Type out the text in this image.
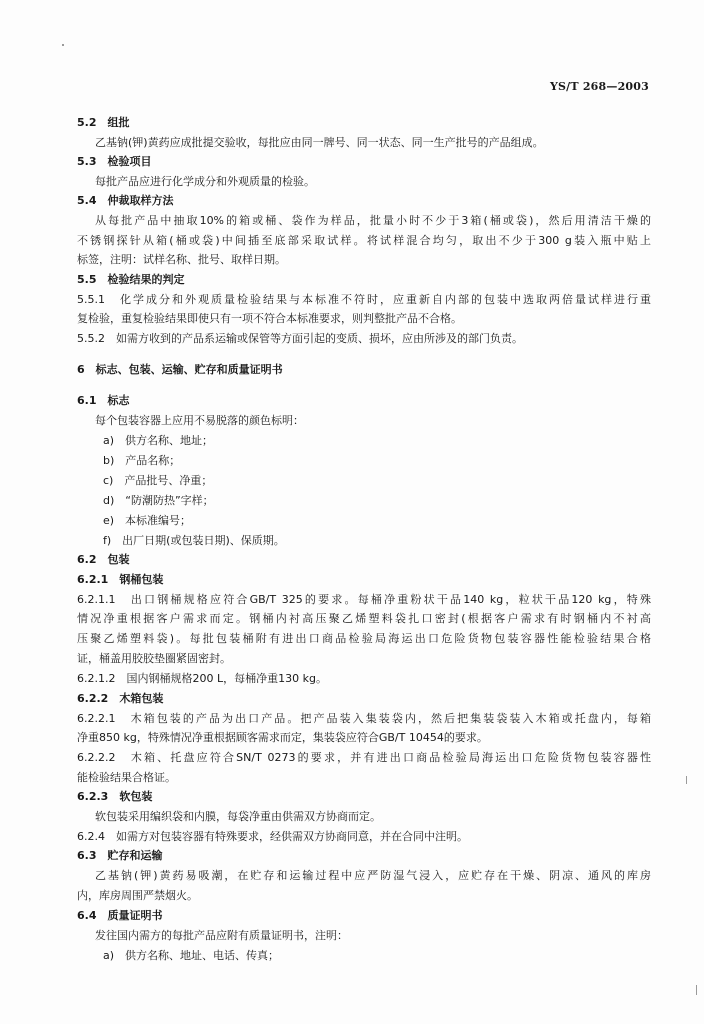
YS/T 268—2003
5.2　组批
乙基钠(钾)黄药应成批提交验收，每批应由同一牌号、同一状态、同一生产批号的产品组成。
5.3　检验项目
每批产品应进行化学成分和外观质量的检验。
5.4　仲裁取样方法
从每批产品中抽取10%的箱或桶、袋作为样品，批量小时不少于3箱(桶或袋)，然后用清洁干燥的
不锈钢探针从箱(桶或袋)中间插至底部采取试样。将试样混合均匀，取出不少于300 g装入瓶中贴上
标签，注明：试样名称、批号、取样日期。
5.5　检验结果的判定
5.5.1　化学成分和外观质量检验结果与本标准不符时，应重新自内部的包装中选取两倍量试样进行重
复检验，重复检验结果即使只有一项不符合本标准要求，则判整批产品不合格。
5.5.2　如需方收到的产品系运输或保管等方面引起的变质、损坏，应由所涉及的部门负责。
6　标志、包装、运输、贮存和质量证明书
6.1　标志
每个包装容器上应用不易脱落的颜色标明：
a)　供方名称、地址；
b)　产品名称；
c)　产品批号、净重；
d)　“防潮防热”字样；
e)　本标准编号；
f)　出厂日期(或包装日期)、保质期。
6.2　包装
6.2.1　钢桶包装
6.2.1.1　出口钢桶规格应符合GB/T 325的要求。每桶净重粉状干品140 kg，粒状干品120 kg，特殊
情况净重根据客户需求而定。钢桶内衬高压聚乙烯塑料袋扎口密封(根据客户需求有时钢桶内不衬高
压聚乙烯塑料袋)。每批包装桶附有进出口商品检验局海运出口危险货物包装容器性能检验结果合格
证，桶盖用胶胶垫圈紧固密封。
6.2.1.2　国内钢桶规格200 L，每桶净重130 kg。
6.2.2　木箱包装
6.2.2.1　木箱包装的产品为出口产品。把产品装入集装袋内，然后把集装袋装入木箱或托盘内，每箱
净重850 kg，特殊情况净重根据顾客需求而定，集装袋应符合GB/T 10454的要求。
6.2.2.2　木箱、托盘应符合SN/T 0273的要求，并有进出口商品检验局海运出口危险货物包装容器性
能检验结果合格证。
6.2.3　软包装
软包装采用编织袋和内膜，每袋净重由供需双方协商而定。
6.2.4　如需方对包装容器有特殊要求，经供需双方协商同意，并在合同中注明。
6.3　贮存和运输
乙基钠(钾)黄药易吸潮，在贮存和运输过程中应严防湿气浸入，应贮存在干燥、阴凉、通风的库房
内，库房周围严禁烟火。
6.4　质量证明书
发往国内需方的每批产品应附有质量证明书，注明：
a)　供方名称、地址、电话、传真；
